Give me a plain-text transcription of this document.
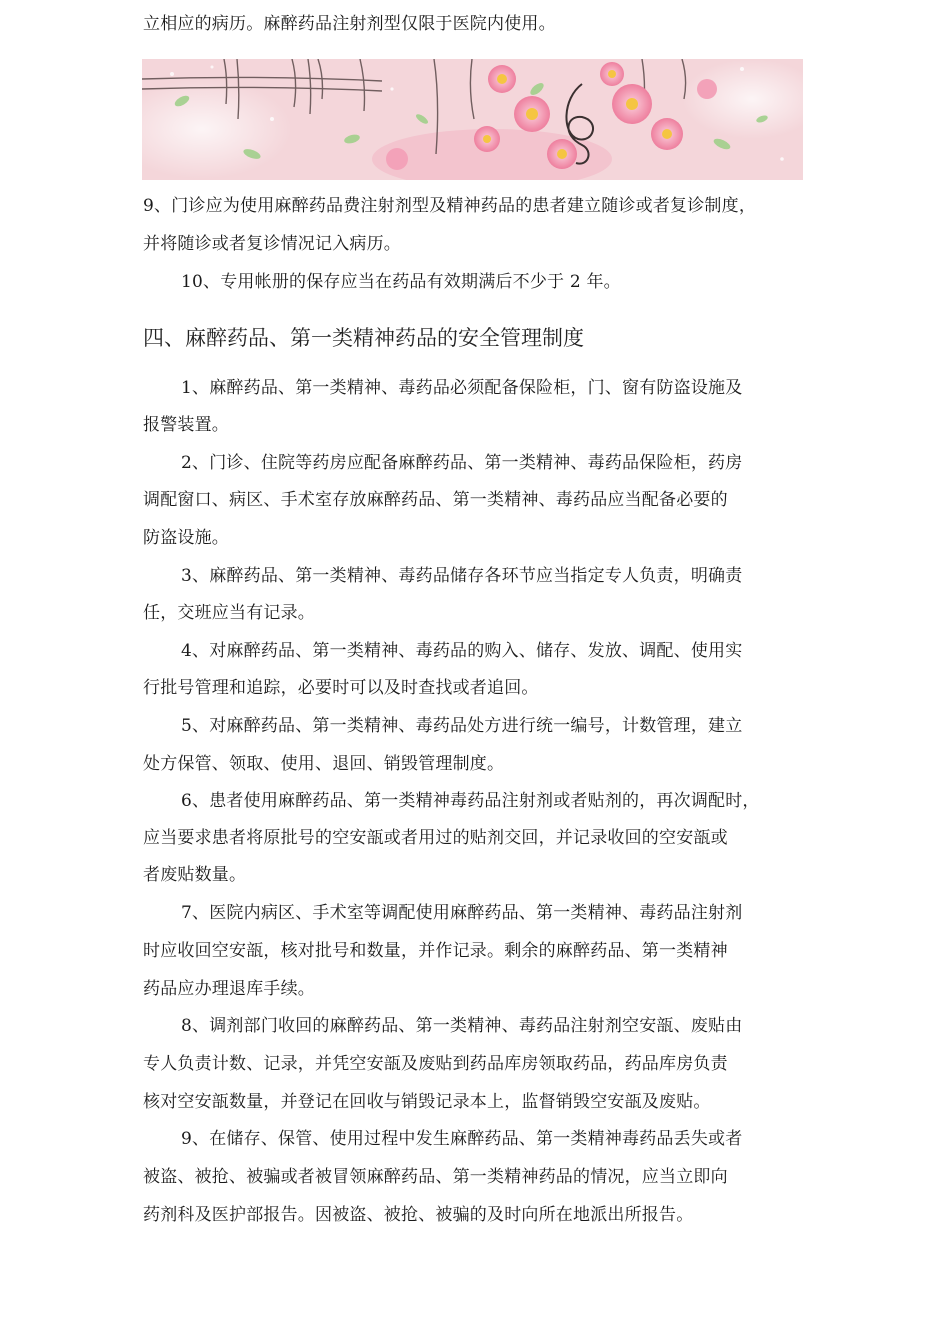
立相应的病历。麻醉药品注射剂型仅限于医院内使用。
9、门诊应为使用麻醉药品费注射剂型及精神药品的患者建立随诊或者复诊制度，
并将随诊或者复诊情况记入病历。
10、专用帐册的保存应当在药品有效期满后不少于 2 年。
四、麻醉药品、第一类精神药品的安全管理制度
1、麻醉药品、第一类精神、毒药品必须配备保险柜，门、窗有防盗设施及
报警装置。
2、门诊、住院等药房应配备麻醉药品、第一类精神、毒药品保险柜，药房
调配窗口、病区、手术室存放麻醉药品、第一类精神、毒药品应当配备必要的
防盗设施。
3、麻醉药品、第一类精神、毒药品储存各环节应当指定专人负责，明确责
任，交班应当有记录。
4、对麻醉药品、第一类精神、毒药品的购入、储存、发放、调配、使用实
行批号管理和追踪，必要时可以及时查找或者追回。
5、对麻醉药品、第一类精神、毒药品处方进行统一编号，计数管理，建立
处方保管、领取、使用、退回、销毁管理制度。
6、患者使用麻醉药品、第一类精神毒药品注射剂或者贴剂的，再次调配时，
应当要求患者将原批号的空安瓿或者用过的贴剂交回，并记录收回的空安瓿或
者废贴数量。
7、医院内病区、手术室等调配使用麻醉药品、第一类精神、毒药品注射剂
时应收回空安瓿，核对批号和数量，并作记录。剩余的麻醉药品、第一类精神
药品应办理退库手续。
8、调剂部门收回的麻醉药品、第一类精神、毒药品注射剂空安瓿、废贴由
专人负责计数、记录，并凭空安瓿及废贴到药品库房领取药品，药品库房负责
核对空安瓿数量，并登记在回收与销毁记录本上，监督销毁空安瓿及废贴。
9、在储存、保管、使用过程中发生麻醉药品、第一类精神毒药品丢失或者
被盗、被抢、被骗或者被冒领麻醉药品、第一类精神药品的情况，应当立即向
药剂科及医护部报告。因被盗、被抢、被骗的及时向所在地派出所报告。
